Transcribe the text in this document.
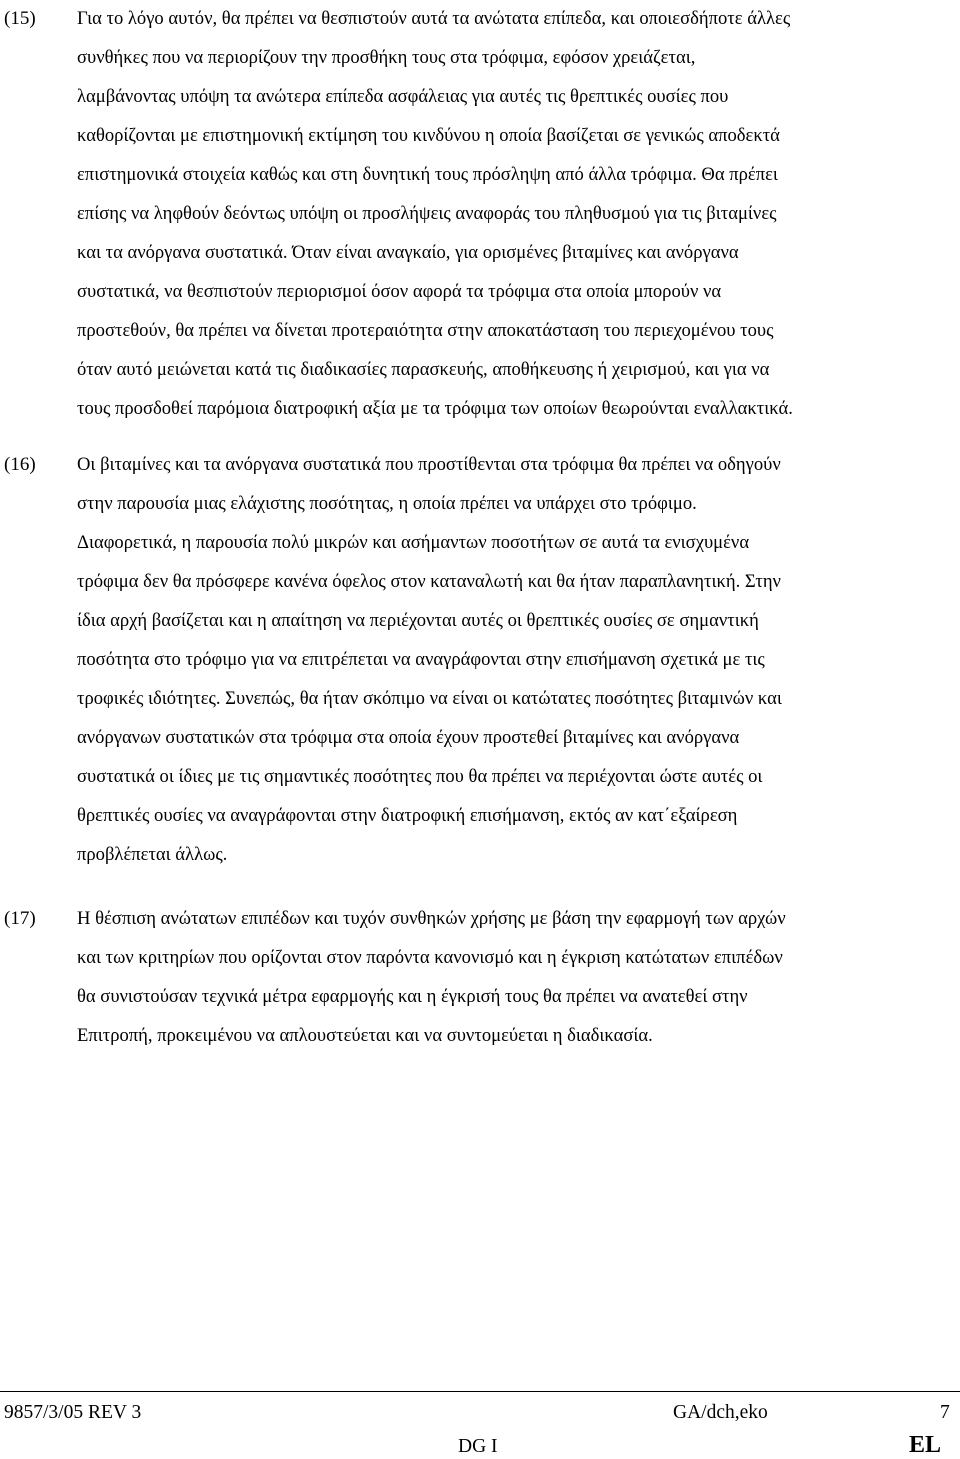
(15) Για το λόγο αυτόν, θα πρέπει να θεσπιστούν αυτά τα ανώτατα επίπεδα, και οποιεσδήποτε άλλες
συνθήκες που να περιορίζουν την προσθήκη τους στα τρόφιμα, εφόσον χρειάζεται,
λαμβάνοντας υπόψη τα ανώτερα επίπεδα ασφάλειας για αυτές τις θρεπτικές ουσίες που
καθορίζονται με επιστημονική εκτίμηση του κινδύνου η οποία βασίζεται σε γενικώς αποδεκτά
επιστημονικά στοιχεία καθώς και στη δυνητική τους πρόσληψη από άλλα τρόφιμα. Θα πρέπει
επίσης να ληφθούν δεόντως υπόψη οι προσλήψεις αναφοράς του πληθυσμού για τις βιταμίνες
και τα ανόργανα συστατικά. Όταν είναι αναγκαίο, για ορισμένες βιταμίνες και ανόργανα
συστατικά, να θεσπιστούν περιορισμοί όσον αφορά τα τρόφιμα στα οποία μπορούν να
προστεθούν, θα πρέπει να δίνεται προτεραιότητα στην αποκατάσταση του περιεχομένου τους
όταν αυτό μειώνεται κατά τις διαδικασίες παρασκευής, αποθήκευσης ή χειρισμού, και για να
τους προσδοθεί παρόμοια διατροφική αξία με τα τρόφιμα των οποίων θεωρούνται εναλλακτικά.
(16) Οι βιταμίνες και τα ανόργανα συστατικά που προστίθενται στα τρόφιμα θα πρέπει να οδηγούν
στην παρουσία μιας ελάχιστης ποσότητας, η οποία πρέπει να υπάρχει στο τρόφιμο.
Διαφορετικά, η παρουσία πολύ μικρών και ασήμαντων ποσοτήτων σε αυτά τα ενισχυμένα
τρόφιμα δεν θα πρόσφερε κανένα όφελος στον καταναλωτή και θα ήταν παραπλανητική. Στην
ίδια αρχή βασίζεται και η απαίτηση να περιέχονται αυτές οι θρεπτικές ουσίες σε σημαντική
ποσότητα στο τρόφιμο για να επιτρέπεται να αναγράφονται στην επισήμανση σχετικά με τις
τροφικές ιδιότητες. Συνεπώς, θα ήταν σκόπιμο να είναι οι κατώτατες ποσότητες βιταμινών και
ανόργανων συστατικών στα τρόφιμα στα οποία έχουν προστεθεί βιταμίνες και ανόργανα
συστατικά οι ίδιες με τις σημαντικές ποσότητες που θα πρέπει να περιέχονται ώστε αυτές οι
θρεπτικές ουσίες να αναγράφονται στην διατροφική επισήμανση, εκτός αν κατ΄εξαίρεση
προβλέπεται άλλως.
(17) Η θέσπιση ανώτατων επιπέδων και τυχόν συνθηκών χρήσης με βάση την εφαρμογή των αρχών
και των κριτηρίων που ορίζονται στον παρόντα κανονισμό και η έγκριση κατώτατων επιπέδων
θα συνιστούσαν τεχνικά μέτρα εφαρμογής και η έγκρισή τους θα πρέπει να ανατεθεί στην
Επιτροπή, προκειμένου να απλουστεύεται και να συντομεύεται η διαδικασία.
9857/3/05 REV 3	GA/dch,eko	7
DG I	EL
